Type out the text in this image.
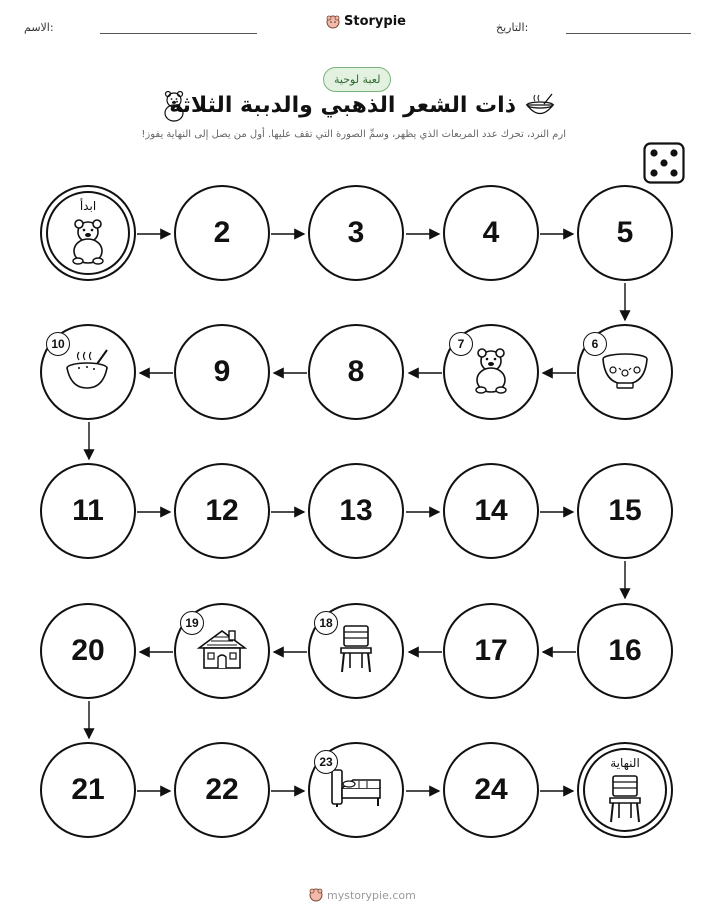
الاسم:	Storypie	التاريخ:
لعبة لوحية
ذات الشعر الذهبي والدببة الثلاثة
ارم النرد، تحرك عدد المربعات الذي يظهر، وسمِّ الصورة التي تقف عليها. أول من يصل إلى النهاية يفوز!
ابدأ
2	3	4	5
6
7
8
9
10
11	12	13	14	15
16
17
18
19
20
21	22
23
24
النهاية
mystorypie.com
